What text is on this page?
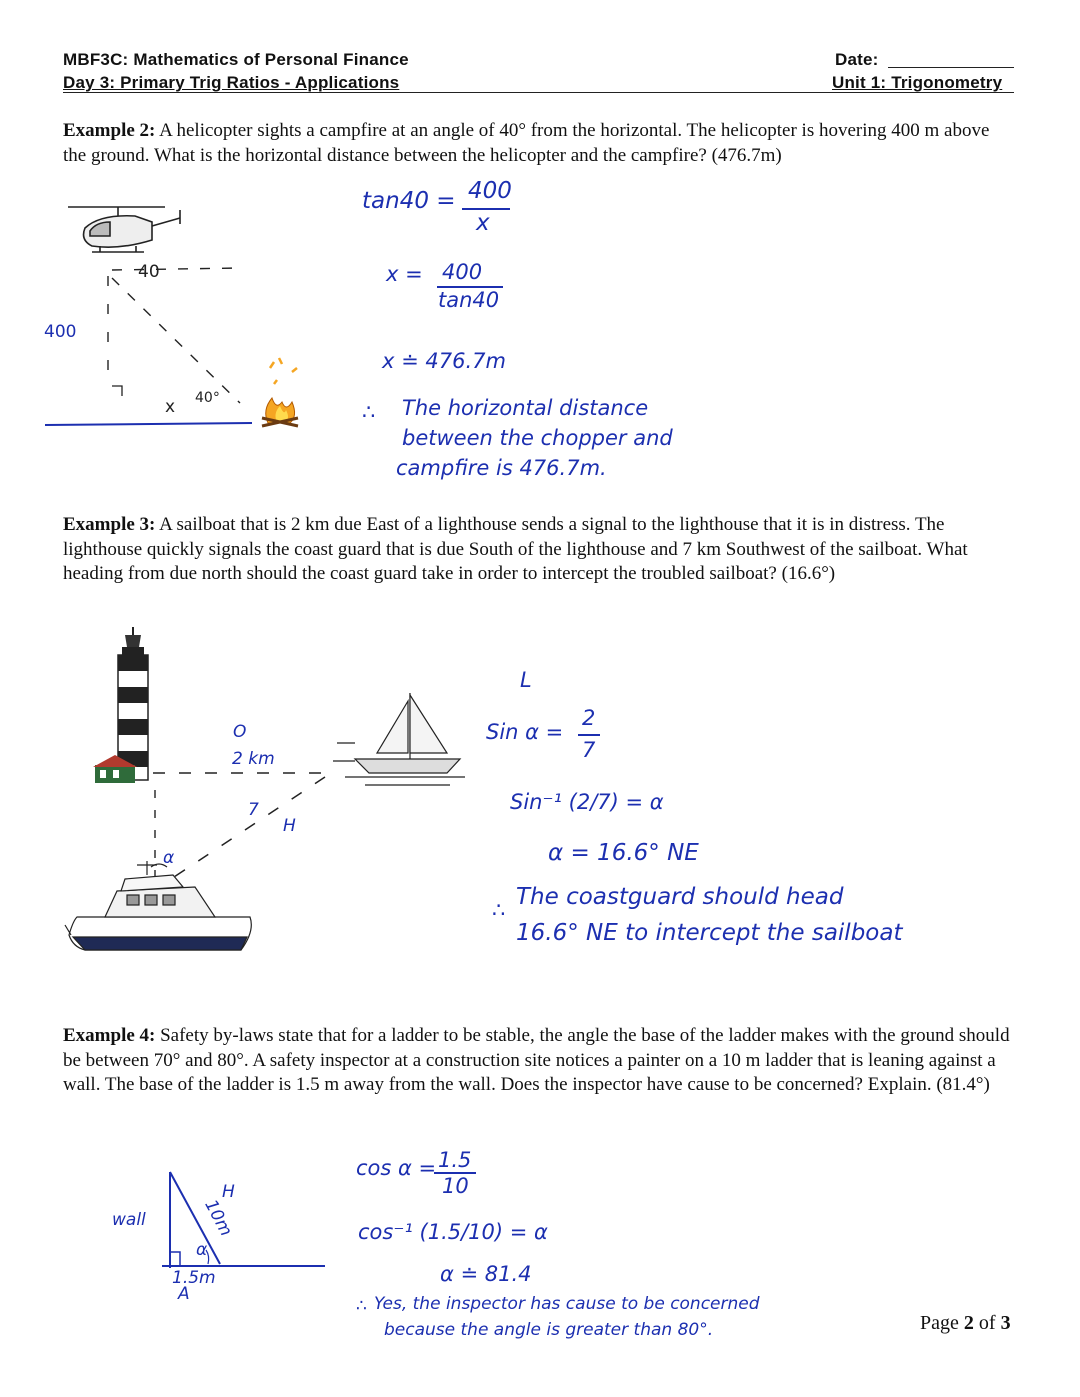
MBF3C: Mathematics of Personal Finance
Day 3: Primary Trig Ratios - Applications
Date:
Unit 1: Trigonometry
Example 2: A helicopter sights a campfire at an angle of 40° from the horizontal. The helicopter is hovering 400 m above the ground. What is the horizontal distance between the helicopter and the campfire? (476.7m)
400
40
40°
x
tan40 = 400
x
x = 400
tan40
x ≐ 476.7m
∴ The horizontal distance
between the chopper and
campfire is 476.7m.
Example 3: A sailboat that is 2 km due East of a lighthouse sends a signal to the lighthouse that it is in distress. The lighthouse quickly signals the coast guard that is due South of the lighthouse and 7 km Southwest of the sailboat. What heading from due north should the coast guard take in order to intercept the troubled sailboat? (16.6°)
O
2 km
7
H
α
L
Sin α =
2
7
Sin⁻¹ (2/7) = α
α = 16.6° NE
∴ The coastguard should head
16.6° NE to intercept the sailboat
Example 4: Safety by-laws state that for a ladder to be stable, the angle the base of the ladder makes with the ground should be between 70° and 80°. A safety inspector at a construction site notices a painter on a 10 m ladder that is leaning against a wall. The base of the ladder is 1.5 m away from the wall. Does the inspector have cause to be concerned? Explain. (81.4°)
wall	10m
H
α
1.5m
A
cos α = 1.5
10
cos⁻¹ (1.5/10) = α
α ≐ 81.4
∴ Yes, the inspector has cause to be concerned
because the angle is greater than 80°.	Page 2 of 3
